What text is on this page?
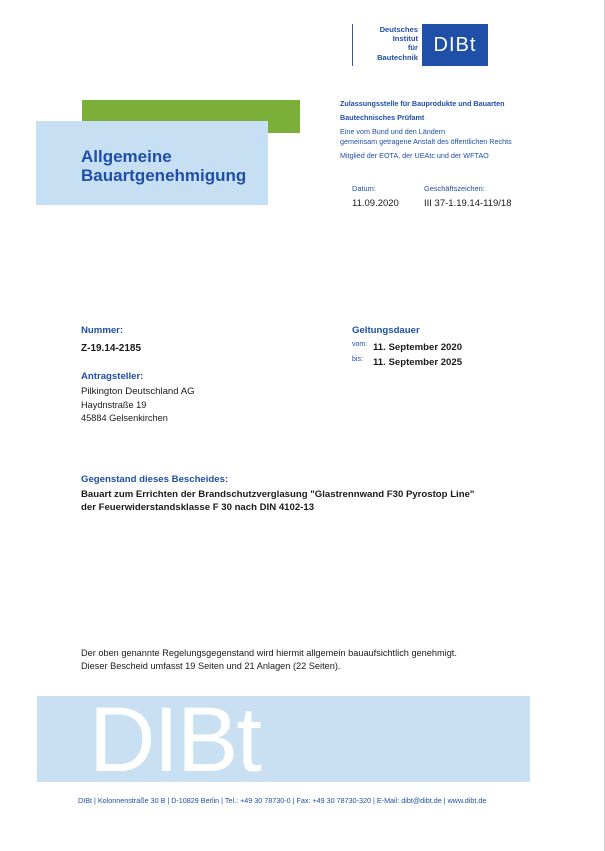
Deutsches
Institut
für
Bautechnik
DIBt
Allgemeine
Bauartgenehmigung
Zulassungsstelle für Bauprodukte und Bauarten
Bautechnisches Prüfamt
Eine vom Bund und den Ländern
gemeinsam getragene Anstalt des öffentlichen Rechts
Mitglied der EOTA, der UEAtc und der WFTAO
Datum:
11.09.2020
Geschäftszeichen:
III 37-1.19.14-119/18
Nummer:
Z-19.14-2185
Geltungsdauer
vom: 11. September 2020
bis: 11. September 2025
Antragsteller:
Pilkington Deutschland AG
Haydnstraße 19
45884 Gelsenkirchen
Gegenstand dieses Bescheides:
Bauart zum Errichten der Brandschutzverglasung "Glastrennwand F30 Pyrostop Line"
der Feuerwiderstandsklasse F 30 nach DIN 4102-13
Der oben genannte Regelungsgegenstand wird hiermit allgemein bauaufsichtlich genehmigt.
Dieser Bescheid umfasst 19 Seiten und 21 Anlagen (22 Seiten).
DIBt
DIBt | Kolonnenstraße 30 B | D-10829 Berlin | Tel.: +49 30 78730-0 | Fax: +49 30 78730-320 | E-Mail: dibt@dibt.de | www.dibt.de
